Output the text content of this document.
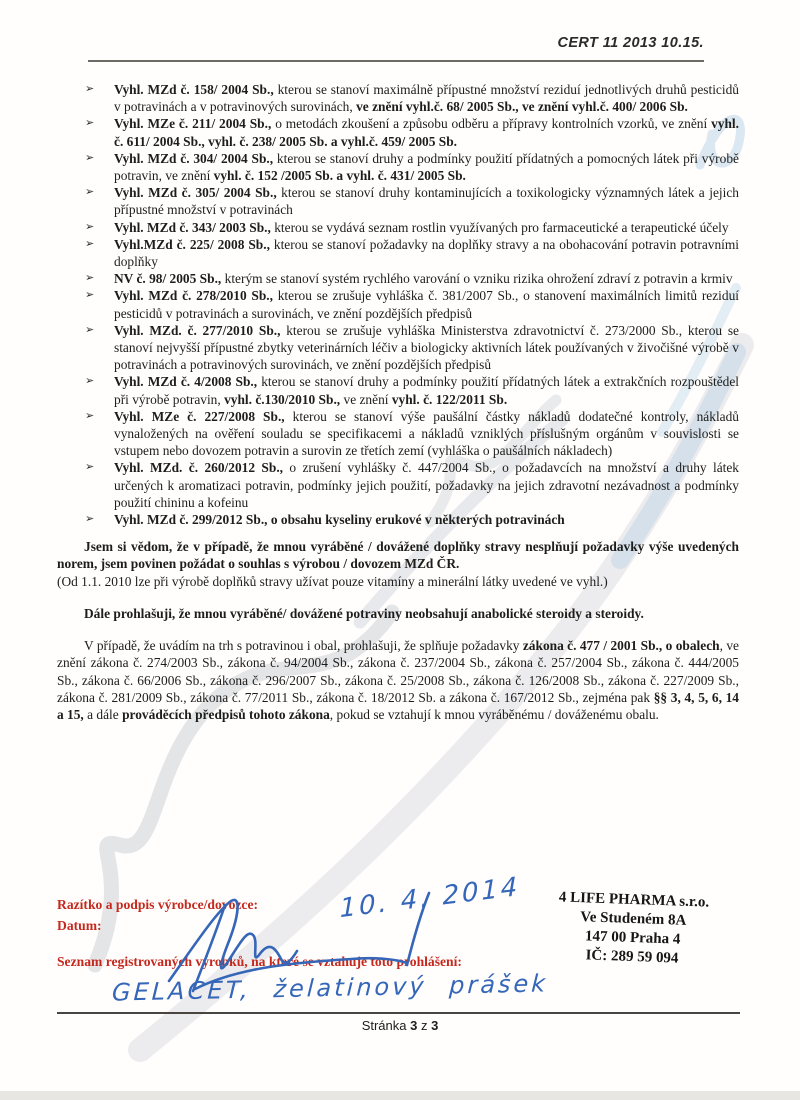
CERT 11 2013 10.15.
➢ Vyhl. MZd č. 158/ 2004 Sb., kterou se stanoví maximálně přípustné množství reziduí jednotlivých druhů pesticidů v potravinách a v potravinových surovinách, ve znění vyhl.č. 68/ 2005 Sb., ve znění vyhl.č. 400/ 2006 Sb.
➢ Vyhl. MZe č. 211/ 2004 Sb., o metodách zkoušení a způsobu odběru a přípravy kontrolních vzorků, ve znění vyhl. č. 611/ 2004 Sb., vyhl. č. 238/ 2005 Sb. a vyhl.č. 459/ 2005 Sb.
➢ Vyhl. MZd č. 304/ 2004 Sb., kterou se stanoví druhy a podmínky použití přídatných a pomocných látek při výrobě potravin, ve znění vyhl. č. 152 /2005 Sb. a vyhl. č. 431/ 2005 Sb.
➢ Vyhl. MZd č. 305/ 2004 Sb., kterou se stanoví druhy kontaminujících a toxikologicky významných látek a jejich přípustné množství v potravinách
➢ Vyhl. MZd č. 343/ 2003 Sb., kterou se vydává seznam rostlin využívaných pro farmaceutické a terapeutické účely
➢ Vyhl.MZd č. 225/ 2008 Sb., kterou se stanoví požadavky na doplňky stravy a na obohacování potravin potravními doplňky
➢ NV č. 98/ 2005 Sb., kterým se stanoví systém rychlého varování o vzniku rizika ohrožení zdraví z potravin a krmiv
➢ Vyhl. MZd č. 278/2010 Sb., kterou se zrušuje vyhláška č. 381/2007 Sb., o stanovení maximálních limitů reziduí pesticidů v potravinách a surovinách, ve znění pozdějších předpisů
➢ Vyhl. MZd. č. 277/2010 Sb., kterou se zrušuje vyhláška Ministerstva zdravotnictví č. 273/2000 Sb., kterou se stanoví nejvyšší přípustné zbytky veterinárních léčiv a biologicky aktivních látek používaných v živočišné výrobě v potravinách a potravinových surovinách, ve znění pozdějších předpisů
➢ Vyhl. MZd č. 4/2008 Sb., kterou se stanoví druhy a podmínky použití přídatných látek a extrakčních rozpouštědel při výrobě potravin, vyhl. č.130/2010 Sb., ve znění vyhl. č. 122/2011 Sb.
➢ Vyhl. MZe č. 227/2008 Sb., kterou se stanoví výše paušální částky nákladů dodatečné kontroly, nákladů vynaložených na ověření souladu se specifikacemi a nákladů vzniklých příslušným orgánům v souvislosti se vstupem nebo dovozem potravin a surovin ze třetích zemí (vyhláška o paušálních nákladech)
➢ Vyhl. MZd. č. 260/2012 Sb., o zrušení vyhlášky č. 447/2004 Sb., o požadavcích na množství a druhy látek určených k aromatizaci potravin, podmínky jejich použití, požadavky na jejich zdravotní nezávadnost a podmínky použití chininu a kofeinu
➢ Vyhl. MZd č. 299/2012 Sb., o obsahu kyseliny erukové v některých potravinách

Jsem si vědom, že v případě, že mnou vyráběné / dovážené doplňky stravy nesplňují požadavky výše uvedených norem, jsem povinen požádat o souhlas s výrobou / dovozem MZd ČR.

(Od 1.1. 2010 lze při výrobě doplňků stravy užívat pouze vitamíny a minerální látky uvedené ve vyhl.)

Dále prohlašuji, že mnou vyráběné/ dovážené potraviny neobsahují anabolické steroidy a steroidy.

V případě, že uvádím na trh s potravinou i obal, prohlašuji, že splňuje požadavky zákona č. 477 / 2001 Sb., o obalech, ve znění zákona č. 274/2003 Sb., zákona č. 94/2004 Sb., zákona č. 237/2004 Sb., zákona č. 257/2004 Sb., zákona č. 444/2005 Sb., zákona č. 66/2006 Sb., zákona č. 296/2007 Sb., zákona č. 25/2008 Sb., zákona č. 126/2008 Sb., zákona č. 227/2009 Sb., zákona č. 281/2009 Sb., zákona č. 77/2011 Sb., zákona č. 18/2012 Sb. a zákona č. 167/2012 Sb., zejména pak §§ 3, 4, 5, 6, 14 a 15, a dále prováděcích předpisů tohoto zákona, pokud se vztahují k mnou vyráběnému / dováženému obalu.

Razítko a podpis výrobce/dovozce:
Datum:
Seznam registrovaných výrobků, na které se vztahuje toto prohlášení:
10. 4. 2014	4 LIFE PHARMA s.r.o.
Ve Studeném 8A
147 00 Praha 4
IČ: 289 59 094
GELACET, želatinový prášek
Stránka 3 z 3
